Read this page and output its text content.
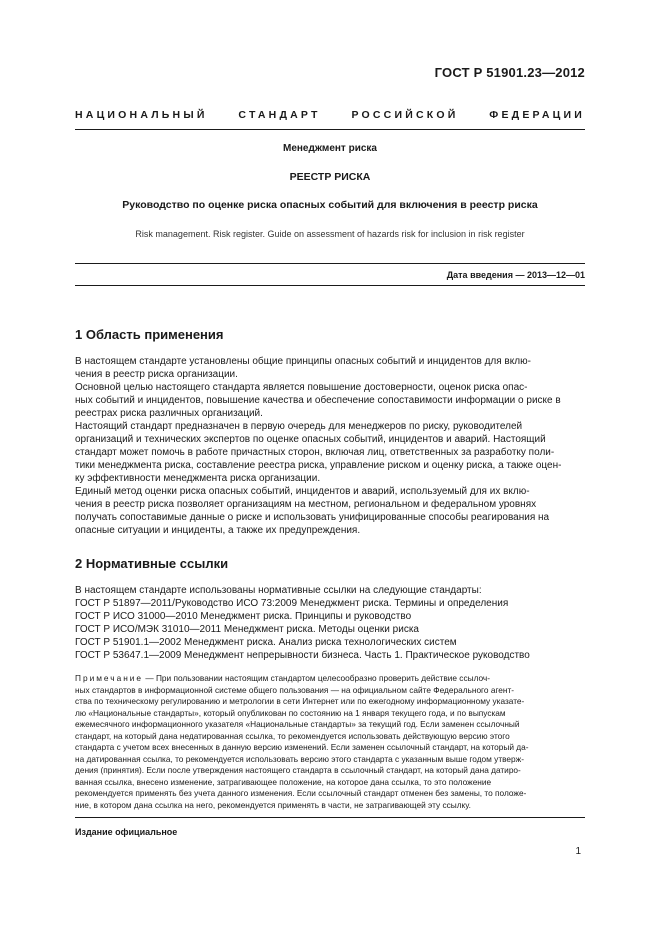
ГОСТ Р 51901.23—2012
НАЦИОНАЛЬНЫЙ	СТАНДАРТ	РОССИЙСКОЙ	ФЕДЕРАЦИИ
Менеджмент риска
РЕЕСТР РИСКА
Руководство по оценке риска опасных событий для включения в реестр риска
Risk management. Risk register. Guide on assessment of hazards risk for inclusion in risk register
Дата введения — 2013—12—01
1 Область применения
В настоящем стандарте установлены общие принципы опасных событий и инцидентов для вклю-
чения в реестр риска организации.
Основной целью настоящего стандарта является повышение достоверности, оценок риска опас-
ных событий и инцидентов, повышение качества и обеспечение сопоставимости информации о риске в
реестрах риска различных организаций.
Настоящий стандарт предназначен в первую очередь для менеджеров по риску, руководителей
организаций и технических экспертов по оценке опасных событий, инцидентов и аварий. Настоящий
стандарт может помочь в работе причастных сторон, включая лиц, ответственных за разработку поли-
тики менеджмента риска, составление реестра риска, управление риском и оценку риска, а также оцен-
ку эффективности менеджмента риска организации.
Единый метод оценки риска опасных событий, инцидентов и аварий, используемый для их вклю-
чения в реестр риска позволяет организациям на местном, региональном и федеральном уровнях
получать сопоставимые данные о риске и использовать унифицированные способы реагирования на
опасные ситуации и инциденты, а также их предупреждения.
2 Нормативные ссылки
В настоящем стандарте использованы нормативные ссылки на следующие стандарты:
ГОСТ Р 51897—2011/Руководство ИСО 73:2009 Менеджмент риска. Термины и определения
ГОСТ Р ИСО 31000—2010 Менеджмент риска. Принципы и руководство
ГОСТ Р ИСО/МЭК 31010—2011 Менеджмент риска. Методы оценки риска
ГОСТ Р 51901.1—2002 Менеджмент риска. Анализ риска технологических систем
ГОСТ Р 53647.1—2009 Менеджмент непрерывности бизнеса. Часть 1. Практическое руководство
Примечание — При пользовании настоящим стандартом целесообразно проверить действие ссылоч-
ных стандартов в информационной системе общего пользования — на официальном сайте Федерального агент-
ства по техническому регулированию и метрологии в сети Интернет или по ежегодному информационному указате-
лю «Национальные стандарты», который опубликован по состоянию на 1 января текущего года, и по выпускам
ежемесячного информационного указателя «Национальные стандарты» за текущий год. Если заменен ссылочный
стандарт, на который дана недатированная ссылка, то рекомендуется использовать действующую версию этого
стандарта с учетом всех внесенных в данную версию изменений. Если заменен ссылочный стандарт, на который да-
на датированная ссылка, то рекомендуется использовать версию этого стандарта с указанным выше годом утверж-
дения (принятия). Если после утверждения настоящего стандарта в ссылочный стандарт, на который дана датиро-
ванная ссылка, внесено изменение, затрагивающее положение, на которое дана ссылка, то это положение
рекомендуется применять без учета данного изменения. Если ссылочный стандарт отменен без замены, то положе-
ние, в котором дана ссылка на него, рекомендуется применять в части, не затрагивающей эту ссылку.
Издание официальное
1
